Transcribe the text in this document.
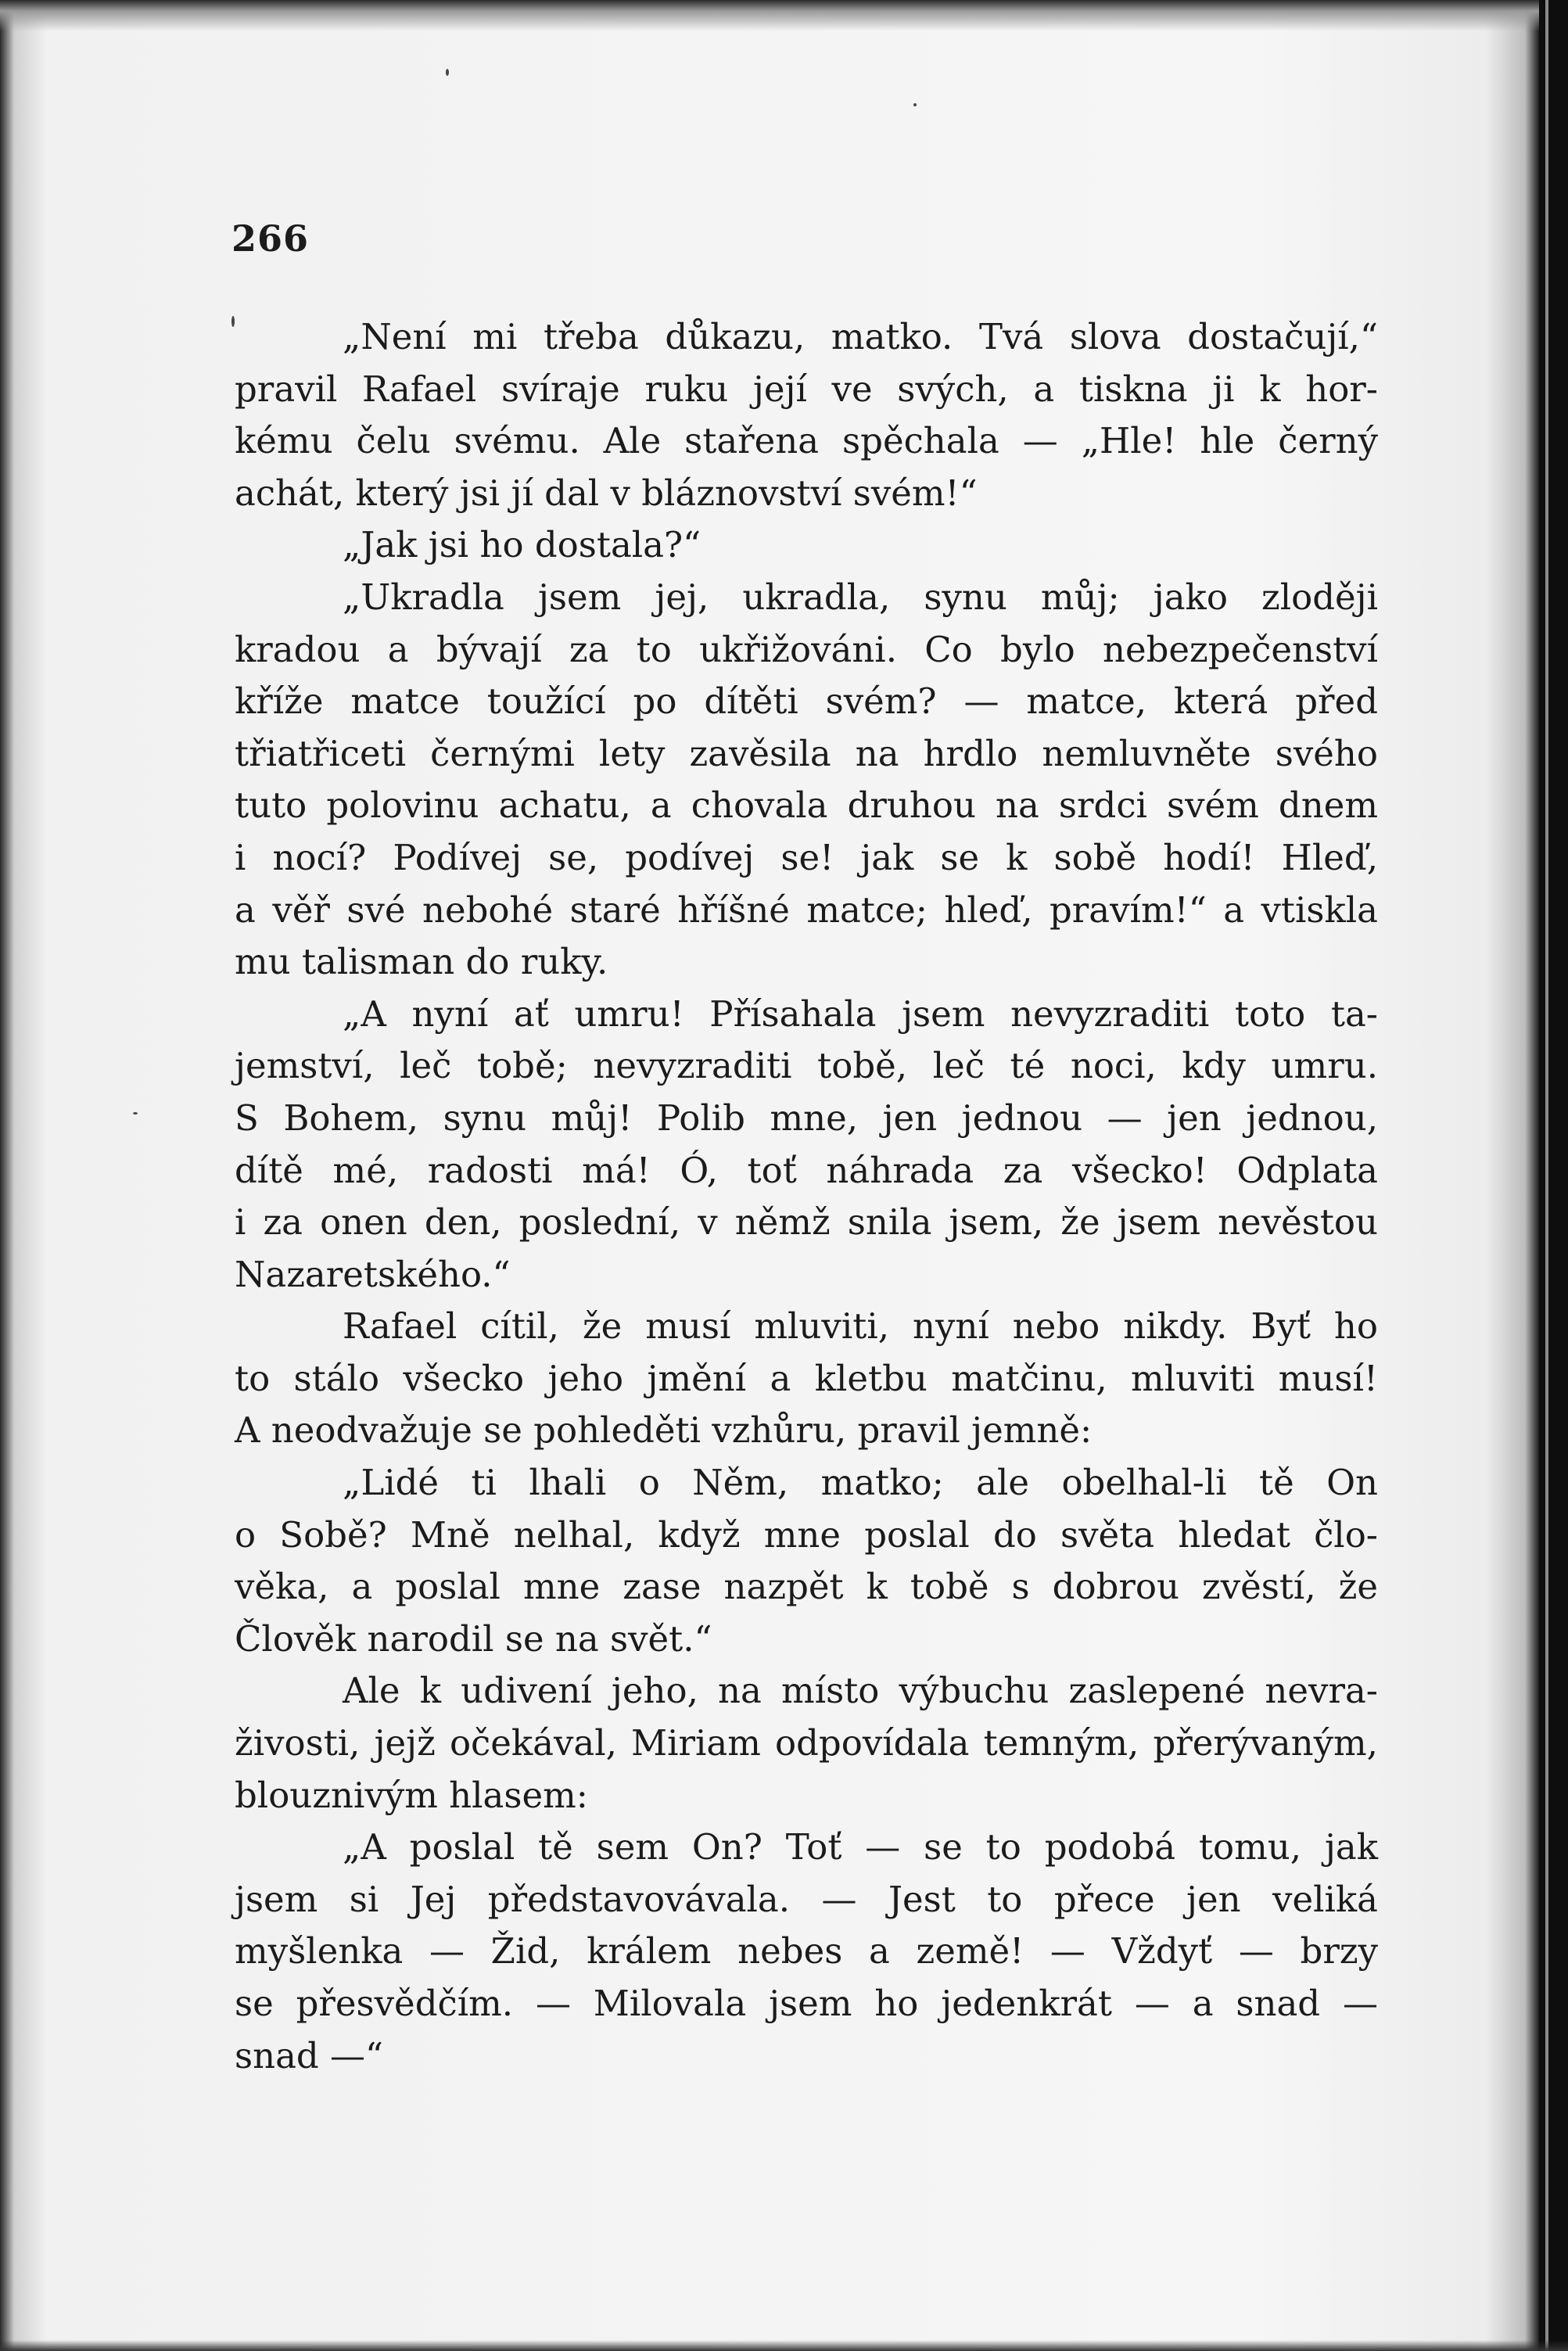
266
„Není mi třeba důkazu, matko. Tvá slova dostačují,“
pravil Rafael svíraje ruku její ve svých, a tiskna ji k hor-
kému čelu svému. Ale stařena spěchala — „Hle! hle černý
achát, který jsi jí dal v bláznovství svém!“
„Jak jsi ho dostala?“
„Ukradla jsem jej, ukradla, synu můj; jako zloději
kradou a bývají za to ukřižováni. Co bylo nebezpečenství
kříže matce toužící po dítěti svém? — matce, která před
třiatřiceti černými lety zavěsila na hrdlo nemluvněte svého
tuto polovinu achatu, a chovala druhou na srdci svém dnem
i nocí? Podívej se, podívej se! jak se k sobě hodí! Hleď,
a věř své nebohé staré hříšné matce; hleď, pravím!“ a vtiskla
mu talisman do ruky.
„A nyní ať umru! Přísahala jsem nevyzraditi toto ta-
jemství, leč tobě; nevyzraditi tobě, leč té noci, kdy umru.
S Bohem, synu můj! Polib mne, jen jednou — jen jednou,
dítě mé, radosti má! Ó, toť náhrada za všecko! Odplata
i za onen den, poslední, v němž snila jsem, že jsem nevěstou
Nazaretského.“
Rafael cítil, že musí mluviti, nyní nebo nikdy. Byť ho
to stálo všecko jeho jmění a kletbu matčinu, mluviti musí!
A neodvažuje se pohleděti vzhůru, pravil jemně:
„Lidé ti lhali o Něm, matko; ale obelhal-li tě On
o Sobě? Mně nelhal, když mne poslal do světa hledat člo-
věka, a poslal mne zase nazpět k tobě s dobrou zvěstí, že
Člověk narodil se na svět.“
Ale k udivení jeho, na místo výbuchu zaslepené nevra-
živosti, jejž očekával, Miriam odpovídala temným, přerývaným,
blouznivým hlasem:
„A poslal tě sem On? Toť — se to podobá tomu, jak
jsem si Jej představovávala. — Jest to přece jen veliká
myšlenka — Žid, králem nebes a země! — Vždyť — brzy
se přesvědčím. — Milovala jsem ho jedenkrát — a snad —
snad —“
